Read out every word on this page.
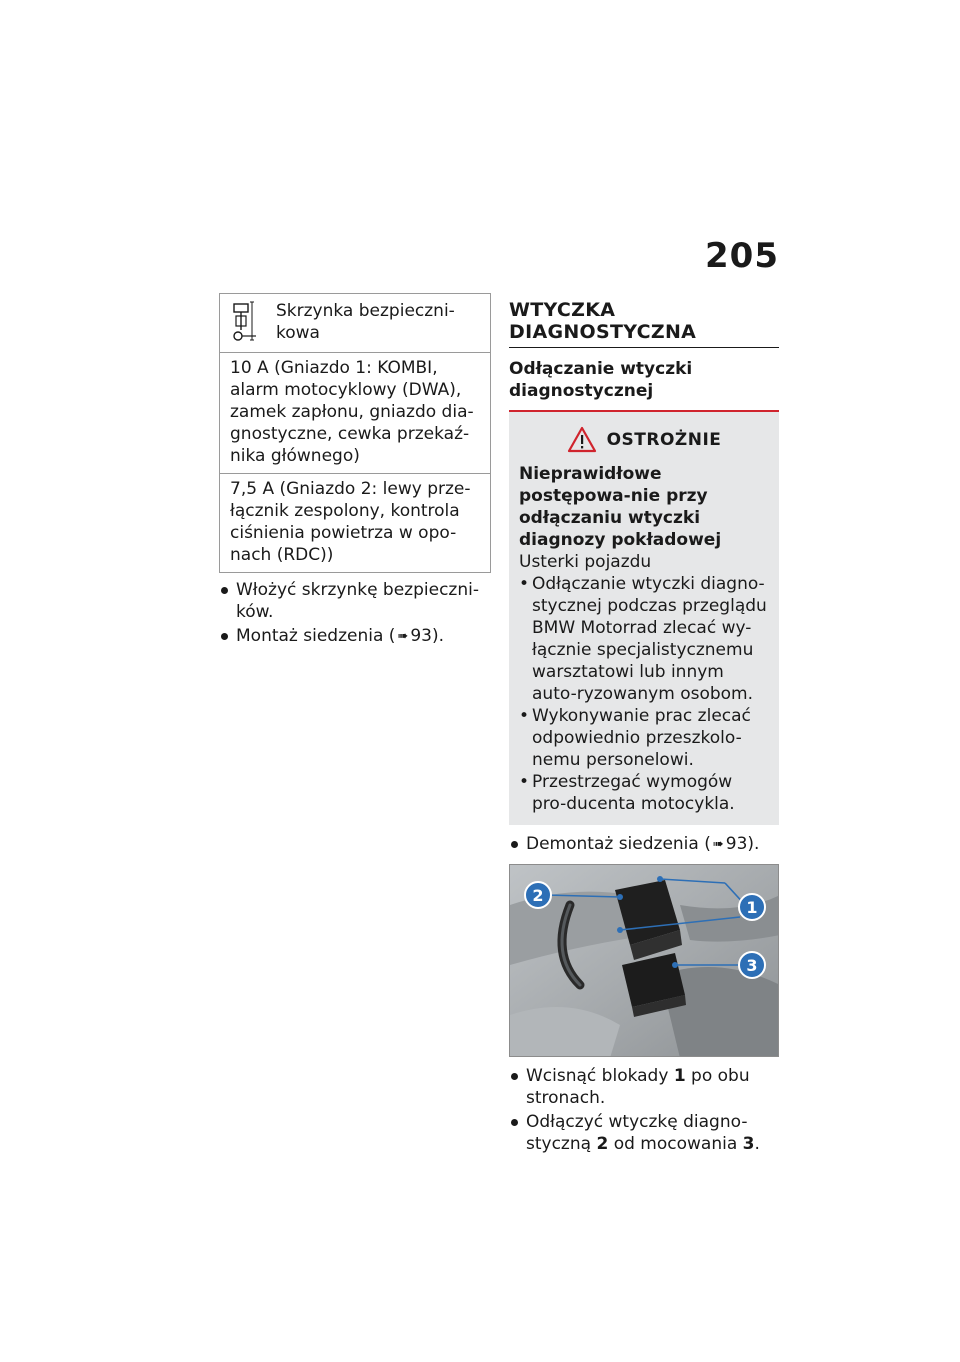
205
Skrzynka bezpieczni-kowa
10 A (Gniazdo 1: KOMBI, alarm motocyklowy (DWA), zamek zapłonu, gniazdo dia-gnostyczne, cewka przekaź-nika głównego)
7,5 A (Gniazdo 2: lewy prze-łącznik zespolony, kontrola ciśnienia powietrza w opo-nach (RDC))
Włożyć skrzynkę bezpieczni-ków.
Montaż siedzenia ( ➠ 93).
WTYCZKA DIAGNOSTYCZNA
Odłączanie wtyczki diagnostycznej
OSTROŻNIE
Nieprawidłowe postępowa-nie przy odłączaniu wtyczki diagnozy pokładowej
Usterki pojazdu
• Odłączanie wtyczki diagno-stycznej podczas przeglądu BMW Motorrad zlecać wy-łącznie specjalistycznemu warsztatowi lub innym auto-ryzowanym osobom.
• Wykonywanie prac zlecać odpowiednio przeszkolo-nemu personelowi.
• Przestrzegać wymogów pro-ducenta motocykla.
Demontaż siedzenia ( ➠ 93).
2
1
3
Wcisnąć blokady 1 po obu stronach.
Odłączyć wtyczkę diagno-styczną 2 od mocowania 3.
